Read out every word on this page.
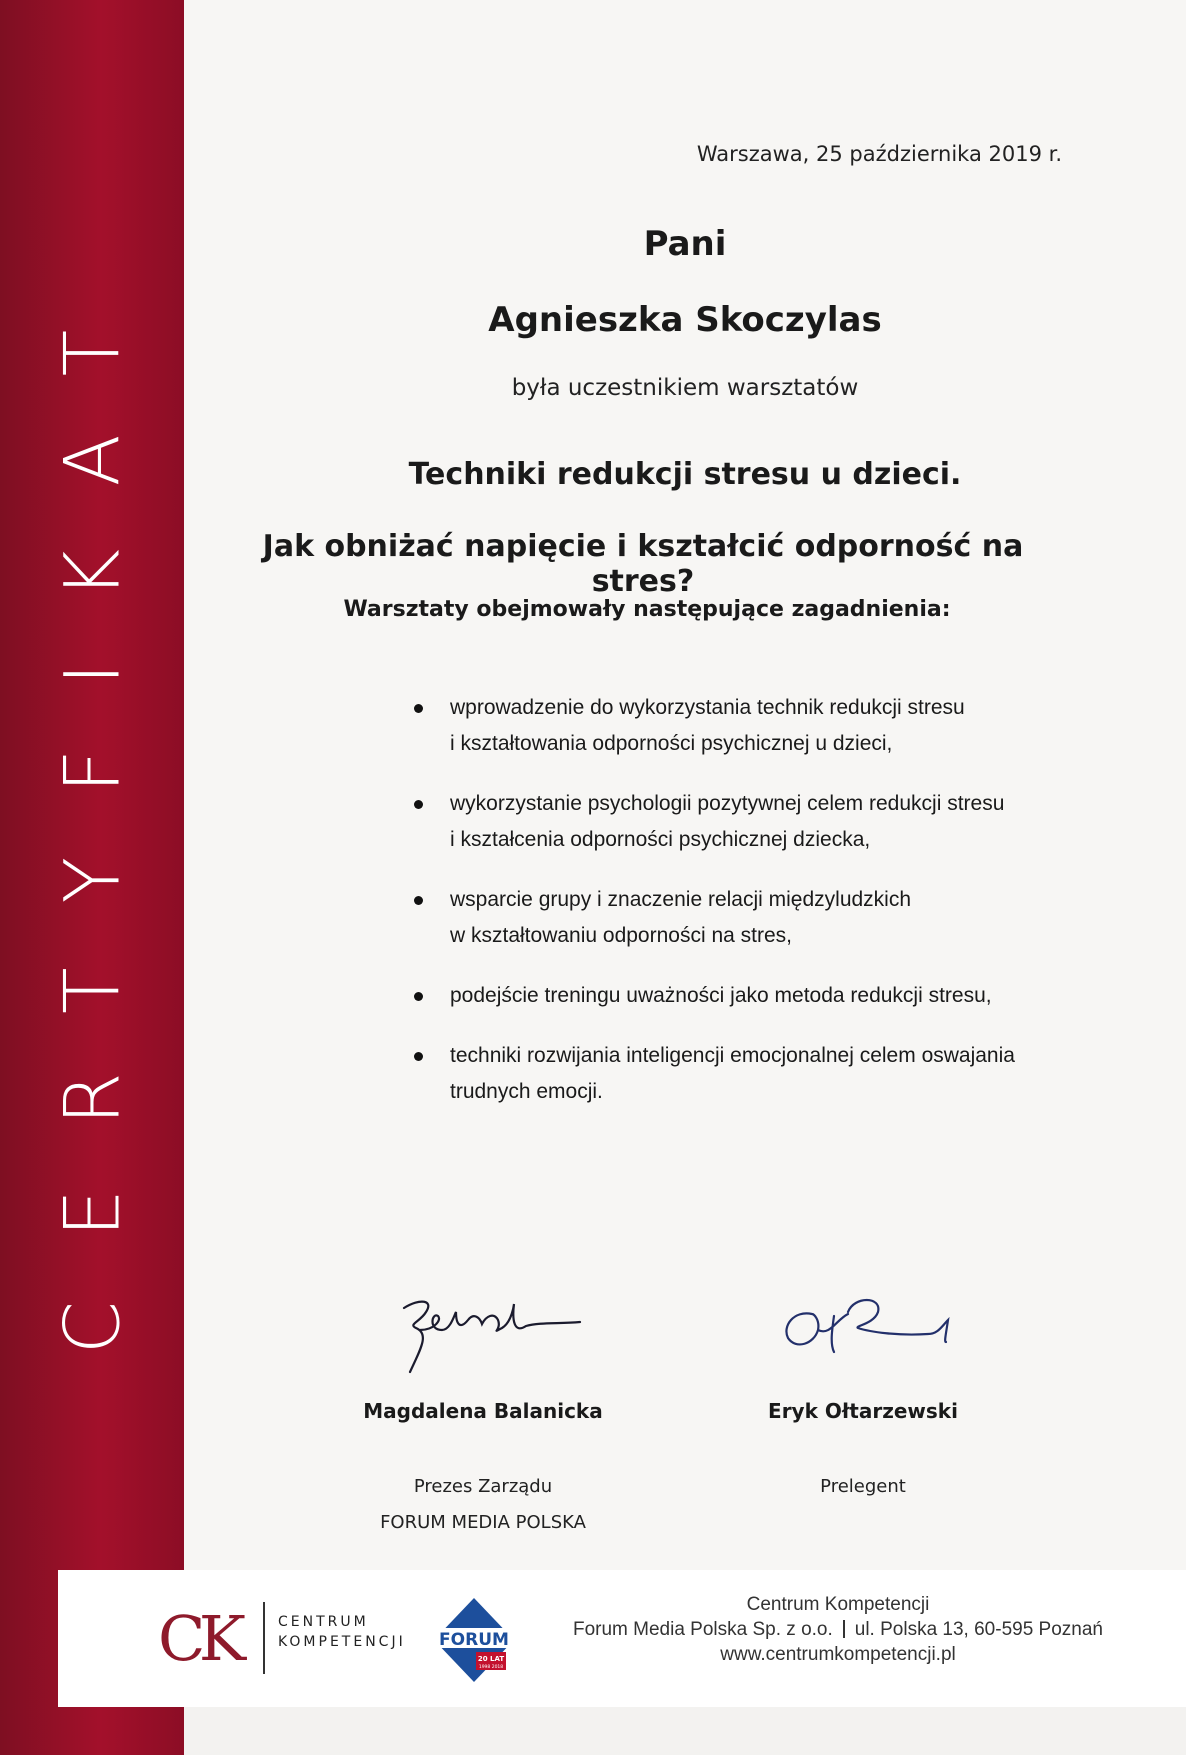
CERTYFIKAT
Warszawa, 25 października 2019 r.
Pani
Agnieszka Skoczylas
była uczestnikiem warsztatów
Techniki redukcji stresu u dzieci.
Jak obniżać napięcie i kształcić odporność na stres?
Warsztaty obejmowały następujące zagadnienia:
wprowadzenie do wykorzystania technik redukcji stresu
i kształtowania odporności psychicznej u dzieci,
wykorzystanie psychologii pozytywnej celem redukcji stresu
i kształcenia odporności psychicznej dziecka,
wsparcie grupy i znaczenie relacji międzyludzkich
w kształtowaniu odporności na stres,
podejście treningu uważności jako metoda redukcji stresu,
techniki rozwijania inteligencji emocjonalnej celem oswajania
trudnych emocji.
Magdalena Balanicka
Prezes Zarządu
FORUM MEDIA POLSKA
Eryk Ołtarzewski
Prelegent
C
K CENTRUM
KOMPETENCJI FORUM
20 LAT
1998 2018
Centrum Kompetencji
Forum Media Polska Sp. z o.o. ul. Polska 13, 60-595 Poznań
www.centrumkompetencji.pl
